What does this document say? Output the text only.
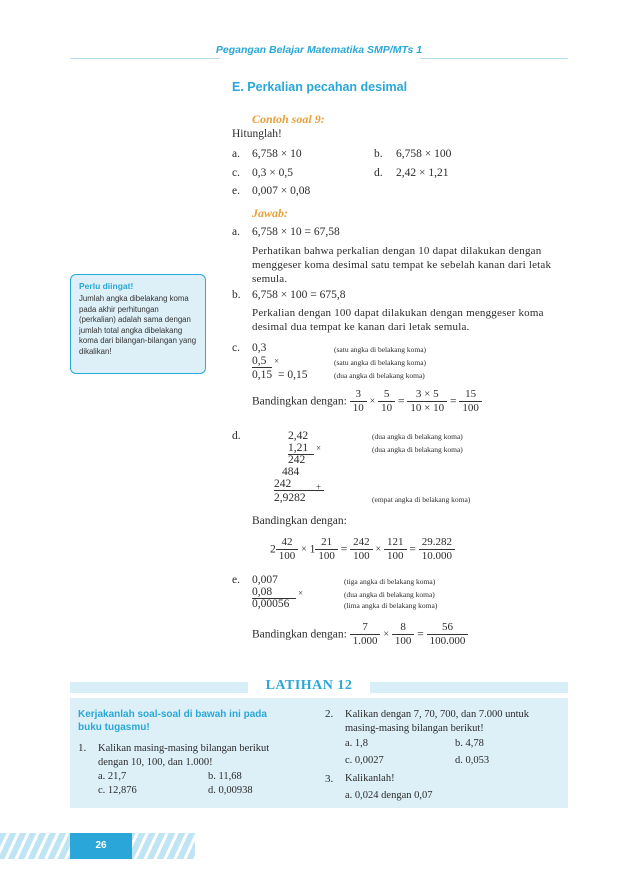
Pegangan Belajar Matematika SMP/MTs 1
E. Perkalian pecahan desimal
Contoh soal 9:
Hitunglah!
a. 6,758 × 10	b. 6,758 × 100
c. 0,3 × 0,5	d. 2,42 × 1,21
e. 0,007 × 0,08
Jawab:
a. 6,758 × 10 = 67,58
Perhatikan bahwa perkalian dengan 10 dapat dilakukan dengan menggeser koma desimal satu tempat ke sebelah kanan dari letak semula.
b. 6,758 × 100 = 675,8
Perkalian dengan 100 dapat dilakukan dengan menggeser koma desimal dua tempat ke kanan dari letak semula.
Perlu diingat!
Jumlah angka dibelakang koma pada akhir perhitungan (perkalian) adalah sama dengan jumlah total angka dibelakang koma dari bilangan-bilangan yang dikalikan!	c. 0,3
0,5 ×
0,15 = 0,15
(satu angka di belakang koma)
(satu angka di belakang koma)
(dua angka di belakang koma)
Bandingkan dengan: $\frac{3}{10} \times \frac{5}{10} = \frac{3 \times 5}{10 \times 10} = \frac{15}{100}$
d.	2,42
1,21 ×
242
484
242	+
2,9282
(dua angka di belakang koma)
(dua angka di belakang koma)
(empat angka di belakang koma)
Bandingkan dengan:
$2 \frac{42}{100} \times 1 \frac{21}{100} = \frac{242}{100} \times \frac{121}{100} = \frac{29.282}{10.000}$
e. 0,007
0,08	×
0,00056
(tiga angka di belakang koma)
(dua angka di belakang koma)
(lima angka di belakang koma)
Bandingkan dengan: $\frac{7}{1.000} \times \frac{8}{100} = \frac{56}{100.000}$
LATIHAN 12
Kerjakanlah soal-soal di bawah ini pada buku tugasmu!
1. Kalikan masing-masing bilangan berikut dengan 10, 100, dan 1.000!
a. 21,7	b. 11,68
c. 12,876	d. 0,00938
2. Kalikan dengan 7, 70, 700, dan 7.000 untuk masing-masing bilangan berikut!
a. 1,8	b. 4,78
c. 0,0027	d. 0,053
3. Kalikanlah!
a. 0,024 dengan 0,07
26
